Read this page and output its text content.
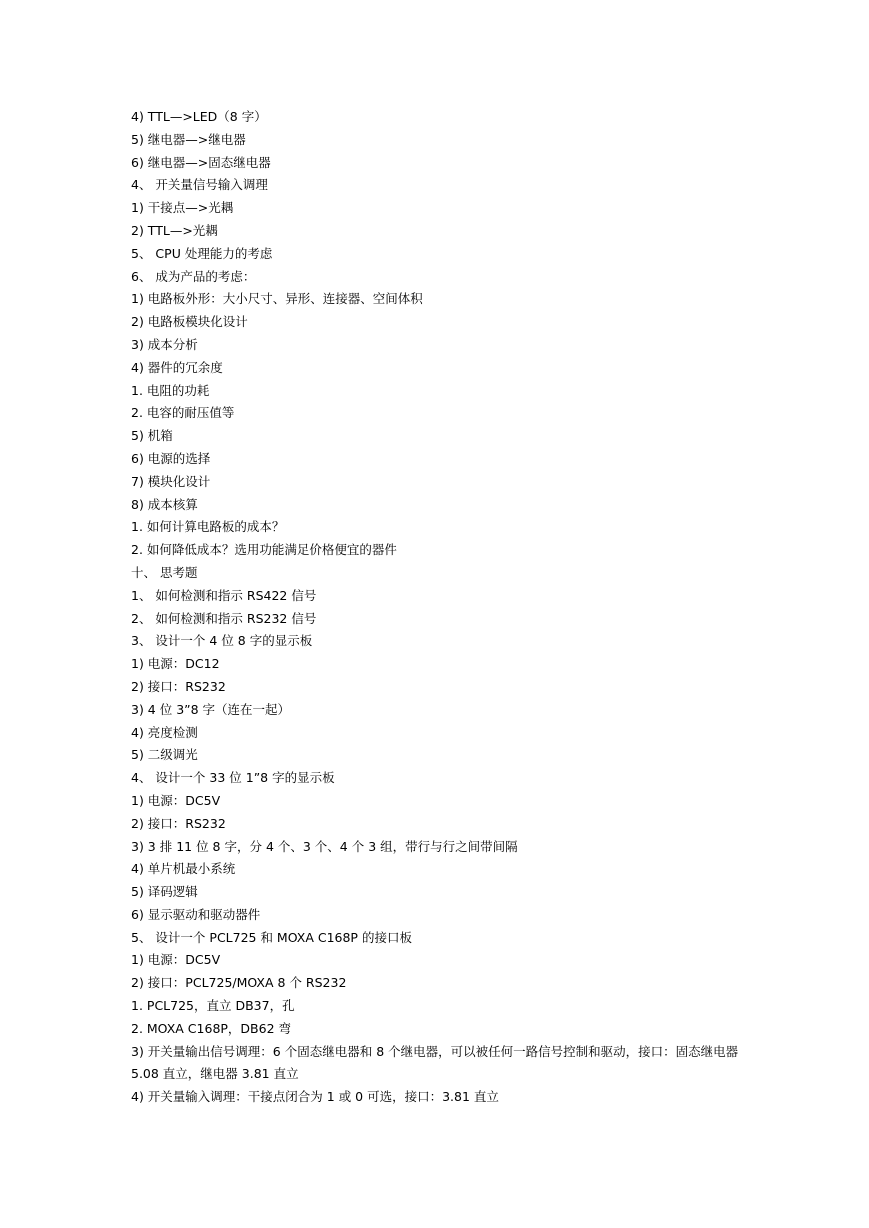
4) TTL—>LED（8 字）
5) 继电器—>继电器
6) 继电器—>固态继电器
4、 开关量信号输入调理
1) 干接点—>光耦
2) TTL—>光耦
5、 CPU 处理能力的考虑
6、 成为产品的考虑：
1) 电路板外形：大小尺寸、异形、连接器、空间体积
2) 电路板模块化设计
3) 成本分析
4) 器件的冗余度
1. 电阻的功耗
2. 电容的耐压值等
5) 机箱
6) 电源的选择
7) 模块化设计
8) 成本核算
1. 如何计算电路板的成本？
2. 如何降低成本？选用功能满足价格便宜的器件
十、 思考题
1、 如何检测和指示 RS422 信号
2、 如何检测和指示 RS232 信号
3、 设计一个 4 位 8 字的显示板
1) 电源：DC12
2) 接口：RS232
3) 4 位 3”8 字（连在一起）
4) 亮度检测
5) 二级调光
4、 设计一个 33 位 1”8 字的显示板
1) 电源：DC5V
2) 接口：RS232
3) 3 排 11 位 8 字，分 4 个、3 个、4 个 3 组，带行与行之间带间隔
4) 单片机最小系统
5) 译码逻辑
6) 显示驱动和驱动器件
5、 设计一个 PCL725 和 MOXA C168P 的接口板
1) 电源：DC5V
2) 接口：PCL725/MOXA 8 个 RS232
1. PCL725，直立 DB37，孔
2. MOXA C168P，DB62 弯
3) 开关量输出信号调理：6 个固态继电器和 8 个继电器，可以被任何一路信号控制和驱动，接口：固态继电器 5.08 直立，继电器 3.81 直立
4) 开关量输入调理：干接点闭合为 1 或 0 可选，接口：3.81 直立
